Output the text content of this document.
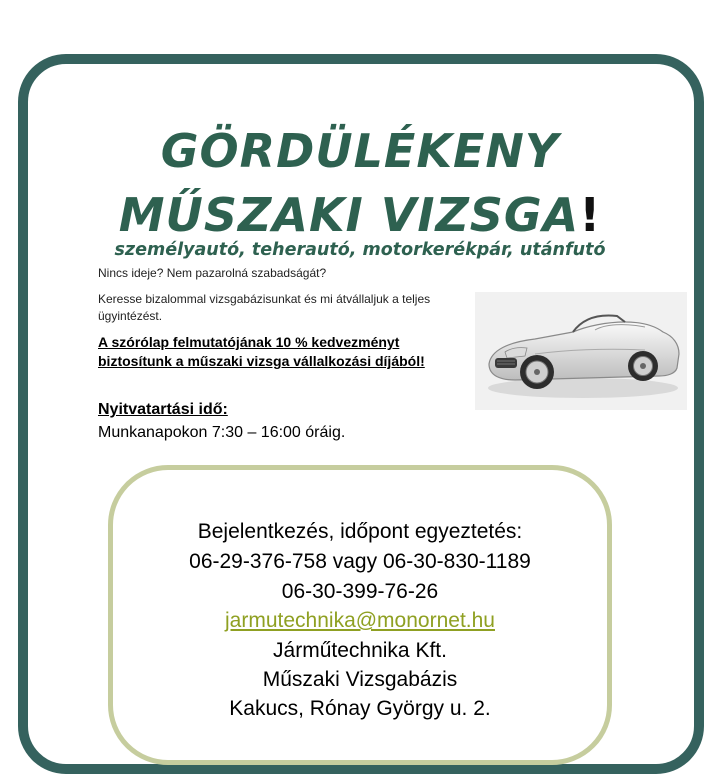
GÖRDÜLÉKENY
MŰSZAKI VIZSGA!

személyautó, teherautó, motorkerékpár, utánfutó

Nincs ideje? Nem pazarolná szabadságát?

Keresse bizalommal vizsgabázisunkat és mi átvállaljuk a teljes

ügyintézést.

A szórólap felmutatójának 10 % kedvezményt
biztosítunk a műszaki vizsga vállalkozási díjából!

Nyitvatartási idő:

Munkanapokon 7:30 – 16:00 óráig.

Bejelentkezés, időpont egyeztetés:

06-29-376-758 vagy 06-30-830-1189

06-30-399-76-26

jarmutechnika@monornet.hu

Járműtechnika Kft.

Műszaki Vizsgabázis

Kakucs, Rónay György u. 2.
